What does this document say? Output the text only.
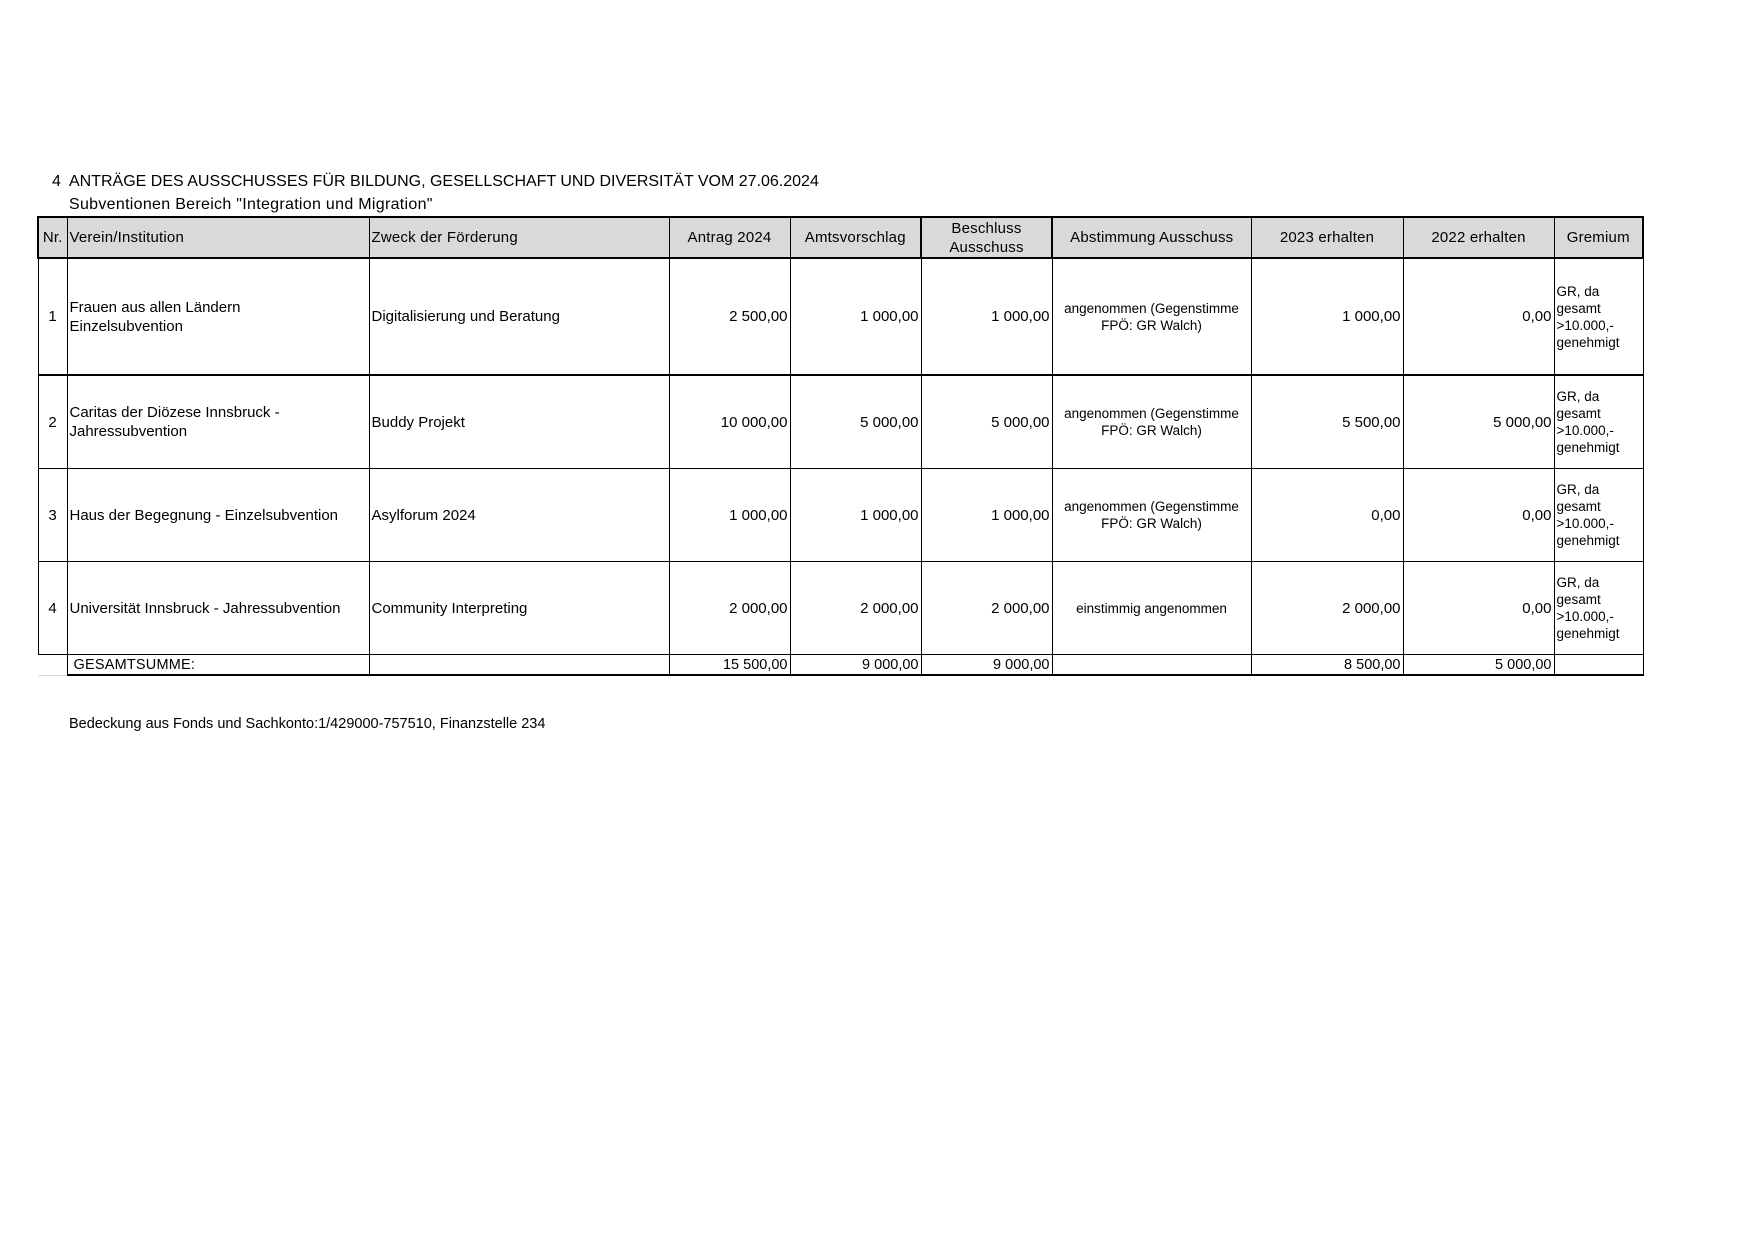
4 ANTRÄGE DES AUSSCHUSSES FÜR BILDUNG, GESELLSCHAFT UND DIVERSITÄT VOM 27.06.2024
Subventionen Bereich "Integration und Migration"
Nr.	Verein/Institution	Zweck der Förderung	Antrag 2024	Amtsvorschlag	Beschluss
Ausschuss	Abstimmung Ausschuss	2023 erhalten	2022 erhalten	Gremium
1	Frauen aus allen Ländern
Einzelsubvention	Digitalisierung und Beratung	2 500,00	1 000,00	1 000,00	angenommen (Gegenstimme
FPÖ: GR Walch)	1 000,00	0,00	GR, da
gesamt
>10.000,-
genehmigt
2	Caritas der Diözese Innsbruck -
Jahressubvention	Buddy Projekt	10 000,00	5 000,00	5 000,00	angenommen (Gegenstimme
FPÖ: GR Walch)	5 500,00	5 000,00	GR, da
gesamt
>10.000,-
genehmigt
3	Haus der Begegnung - Einzelsubvention	Asylforum 2024	1 000,00	1 000,00	1 000,00	angenommen (Gegenstimme
FPÖ: GR Walch)	0,00	0,00	GR, da
gesamt
>10.000,-
genehmigt
4	Universität Innsbruck - Jahressubvention	Community Interpreting	2 000,00	2 000,00	2 000,00	einstimmig angenommen	2 000,00	0,00	GR, da
gesamt
>10.000,-
genehmigt
	GESAMTSUMME:		15 500,00	9 000,00	9 000,00		8 500,00	5 000,00	
Bedeckung aus Fonds und Sachkonto:1/429000-757510, Finanzstelle 234
